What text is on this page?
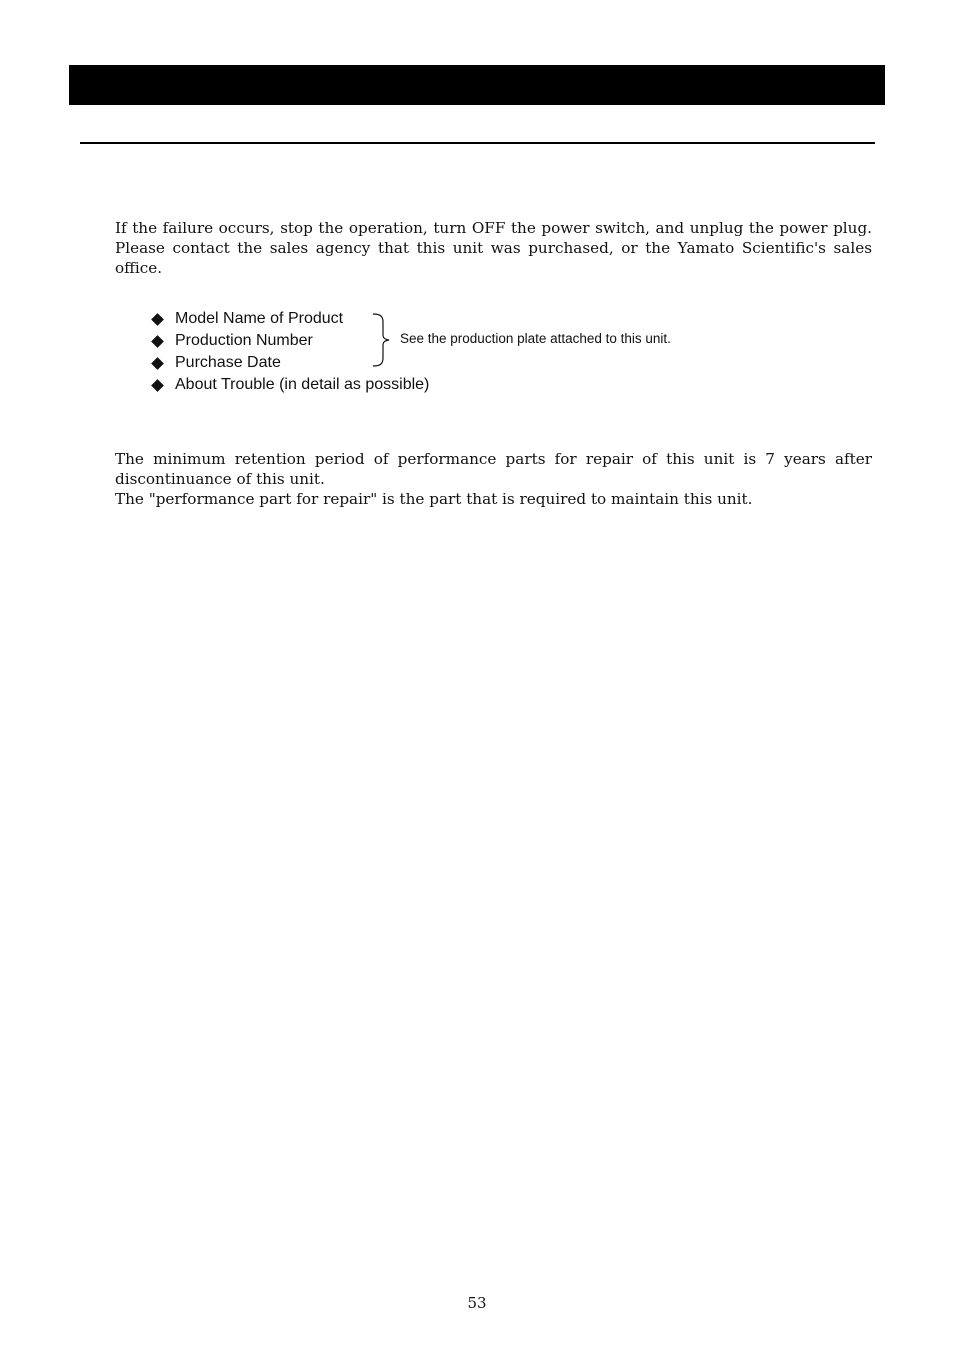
If the failure occurs, stop the operation, turn OFF the power switch, and unplug the power plug.
Please contact the sales agency that this unit was purchased, or the Yamato Scientific's sales
office.
Model Name of Product
Production Number
Purchase Date
About Trouble (in detail as possible)
See the production plate attached to this unit.
The minimum retention period of performance parts for repair of this unit is 7 years after
discontinuance of this unit.
The "performance part for repair" is the part that is required to maintain this unit.
53
